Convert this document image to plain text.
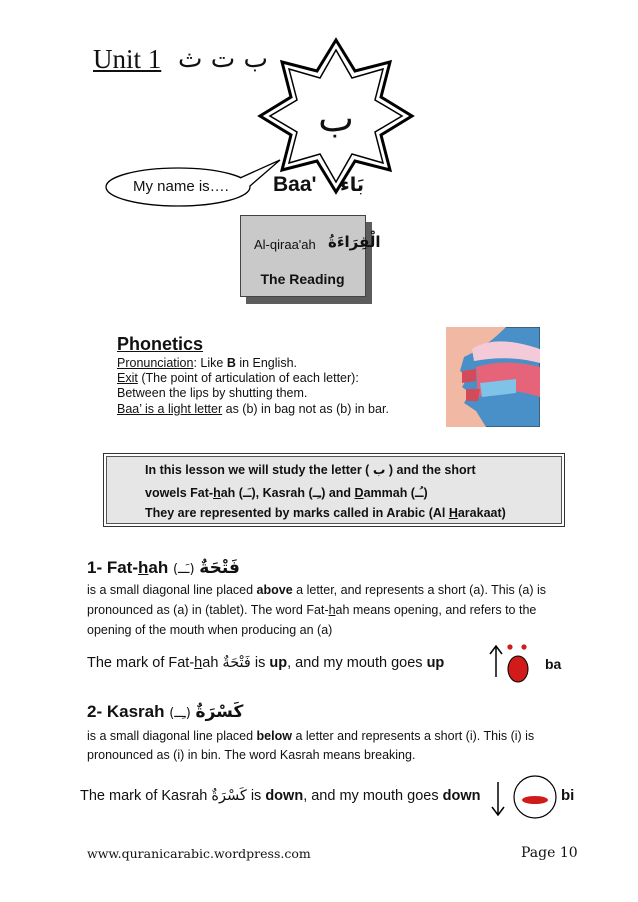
Unit 1 ب ت ث
ب
My name is…. Baa' بَاء
Al-qiraa'ah الْقِرَاءَةُ
The Reading
Phonetics
Pronunciation: Like B in English.
Exit (The point of articulation of each letter):
Between the lips by shutting them.
Baa’ is a light letter as (b) in bag not as (b) in bar.
In this lesson we will study the letter ( ب ) and the short
vowels Fat-hah (ـَـ), Kasrah (ـِـ) and Dammah (ـُـ)
They are represented by marks called in Arabic (Al Harakaat)
1- Fat-hah فَتْحَةٌ (ـَــ)
is a small diagonal line placed above a letter, and represents a short (a). This (a) is
pronounced as (a) in (tablet). The word Fat-hah means opening, and refers to the
opening of the mouth when producing an (a)
The mark of Fat-hah فَتْحَةٌ is up, and my mouth goes up	ba
2- Kasrah كَسْرَةٌ (ـِــ)
is a small diagonal line placed below a letter and represents a short (i). This (i) is
pronounced as (i) in bin. The word Kasrah means breaking.
The mark of Kasrah كَسْرَةٌ is down, and my mouth goes down	bi
www.quranicarabic.wordpress.com	Page 10
